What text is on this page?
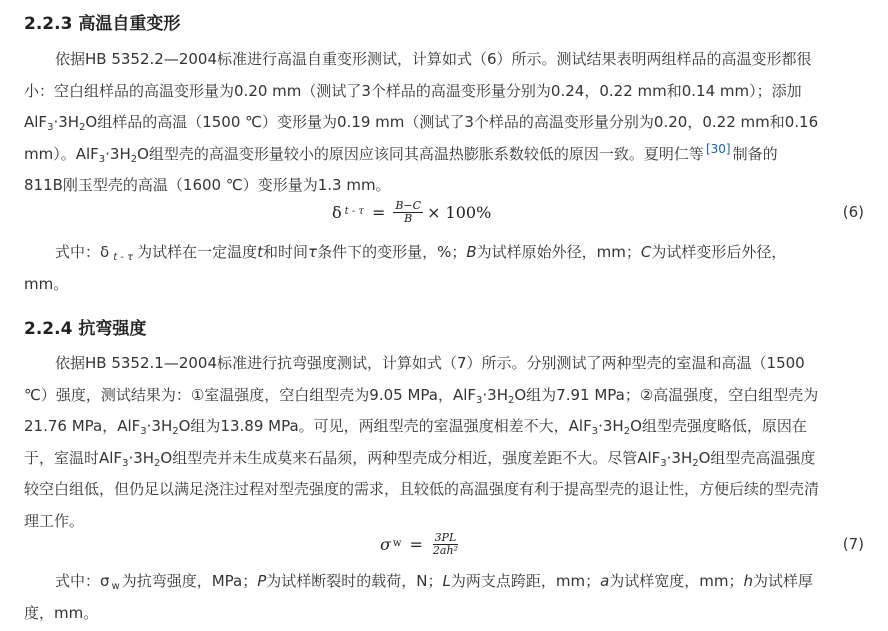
2.2.3 高温自重变形
依据HB 5352.2—2004标准进行高温自重变形测试，计算如式（6）所示。测试结果表明两组样品的高温变形都很
小：空白组样品的高温变形量为0.20 mm（测试了3个样品的高温变形量分别为0.24，0.22 mm和0.14 mm）；添加
$AlF_3\cdot 3H_2O$组样品的高温（1500 ℃）变形量为0.19 mm（测试了3个样品的高温变形量分别为0.20，0.22 mm和0.16
mm）。$AlF_3\cdot 3H_2O$组型壳的高温变形量较小的原因应该同其高温热膨胀系数较低的原因一致。夏明仁等 [30] 制备的
811B刚玉型壳的高温（1600 ℃）变形量为1.3 mm。
δ $t - \tau = \frac{B-C}{B} \times 100\%$	(6)
式中：δ $_{t - \tau}$ 为试样在一定温度t和时间τ条件下的变形量，%；B为试样原始外径，mm；C为试样变形后外径，
mm。
2.2.4 抗弯强度
依据HB 5352.1—2004标准进行抗弯强度测试，计算如式（7）所示。分别测试了两种型壳的室温和高温（1500
℃）强度，测试结果为：①室温强度，空白组型壳为9.05 MPa，$AlF_3\cdot 3H_2O$组为7.91 MPa；②高温强度，空白组型壳为
21.76 MPa，$AlF_3\cdot 3H_2O$组为13.89 MPa。可见，两组型壳的室温强度相差不大，$AlF_3\cdot 3H_2O$组型壳强度略低，原因在
于，室温时$AlF_3\cdot 3H_2O$组型壳并未生成莫来石晶须，两种型壳成分相近，强度差距不大。尽管$AlF_3\cdot 3H_2O$组型壳高温强度
较空白组低，但仍足以满足浇注过程对型壳强度的需求，且较低的高温强度有利于提高型壳的退让性，方便后续的型壳清
理工作。
σ $w = \frac{3PL}{\text{2ah²}}$	(7)
式中：σ $_w$ 为抗弯强度，MPa；P为试样断裂时的载荷，N；L为两支点跨距，mm；a为试样宽度，mm；h为试样厚
度，mm。
